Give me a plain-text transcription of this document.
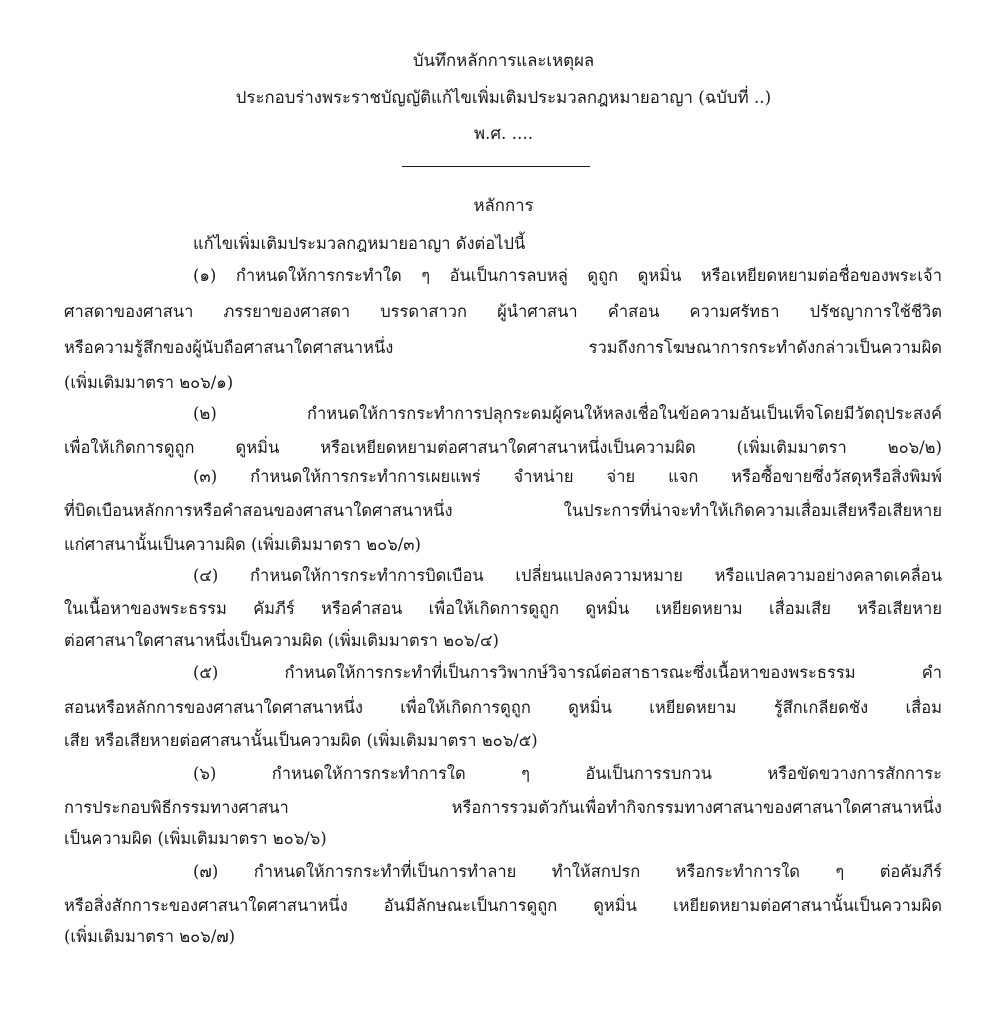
บันทึกหลักการและเหตุผล
ประกอบร่างพระราชบัญญัติแก้ไขเพิ่มเติมประมวลกฎหมายอาญา (ฉบับที่ ..)
พ.ศ. ....
หลักการ
แก้ไขเพิ่มเติมประมวลกฎหมายอาญา ดังต่อไปนี้
(๑) กำหนดให้การกระทำใด ๆ อันเป็นการลบหลู่ ดูถูก ดูหมิ่น หรือเหยียดหยามต่อชื่อของพระเจ้า
ศาสดาของศาสนา ภรรยาของศาสดา บรรดาสาวก ผู้นำศาสนา คำสอน ความศรัทธา ปรัชญาการใช้ชีวิต
หรือความรู้สึกของผู้นับถือศาสนาใดศาสนาหนึ่ง รวมถึงการโฆษณาการกระทำดังกล่าวเป็นความผิด
(เพิ่มเติมมาตรา ๒๐๖/๑)
(๒) กำหนดให้การกระทำการปลุกระดมผู้คนให้หลงเชื่อในข้อความอันเป็นเท็จโดยมีวัตถุประสงค์
เพื่อให้เกิดการดูถูก ดูหมิ่น หรือเหยียดหยามต่อศาสนาใดศาสนาหนึ่งเป็นความผิด (เพิ่มเติมมาตรา ๒๐๖/๒)
(๓) กำหนดให้การกระทำการเผยแพร่ จำหน่าย จ่าย แจก หรือซื้อขายซึ่งวัสดุหรือสิ่งพิมพ์
ที่บิดเบือนหลักการหรือคำสอนของศาสนาใดศาสนาหนึ่ง ในประการที่น่าจะทำให้เกิดความเสื่อมเสียหรือเสียหาย
แก่ศาสนานั้นเป็นความผิด (เพิ่มเติมมาตรา ๒๐๖/๓)
(๔) กำหนดให้การกระทำการบิดเบือน เปลี่ยนแปลงความหมาย หรือแปลความอย่างคลาดเคลื่อน
ในเนื้อหาของพระธรรม คัมภีร์ หรือคำสอน เพื่อให้เกิดการดูถูก ดูหมิ่น เหยียดหยาม เสื่อมเสีย หรือเสียหาย
ต่อศาสนาใดศาสนาหนึ่งเป็นความผิด (เพิ่มเติมมาตรา ๒๐๖/๔)
(๕) กำหนดให้การกระทำที่เป็นการวิพากษ์วิจารณ์ต่อสาธารณะซึ่งเนื้อหาของพระธรรม คำ
สอนหรือหลักการของศาสนาใดศาสนาหนึ่ง เพื่อให้เกิดการดูถูก ดูหมิ่น เหยียดหยาม รู้สึกเกลียดชัง เสื่อม
เสีย หรือเสียหายต่อศาสนานั้นเป็นความผิด (เพิ่มเติมมาตรา ๒๐๖/๕)
(๖) กำหนดให้การกระทำการใด ๆ อันเป็นการรบกวน หรือขัดขวางการสักการะ
การประกอบพิธีกรรมทางศาสนา หรือการรวมตัวกันเพื่อทำกิจกรรมทางศาสนาของศาสนาใดศาสนาหนึ่ง
เป็นความผิด (เพิ่มเติมมาตรา ๒๐๖/๖)
(๗) กำหนดให้การกระทำที่เป็นการทำลาย ทำให้สกปรก หรือกระทำการใด ๆ ต่อคัมภีร์
หรือสิ่งสักการะของศาสนาใดศาสนาหนึ่ง อันมีลักษณะเป็นการดูถูก ดูหมิ่น เหยียดหยามต่อศาสนานั้นเป็นความผิด
(เพิ่มเติมมาตรา ๒๐๖/๗)
